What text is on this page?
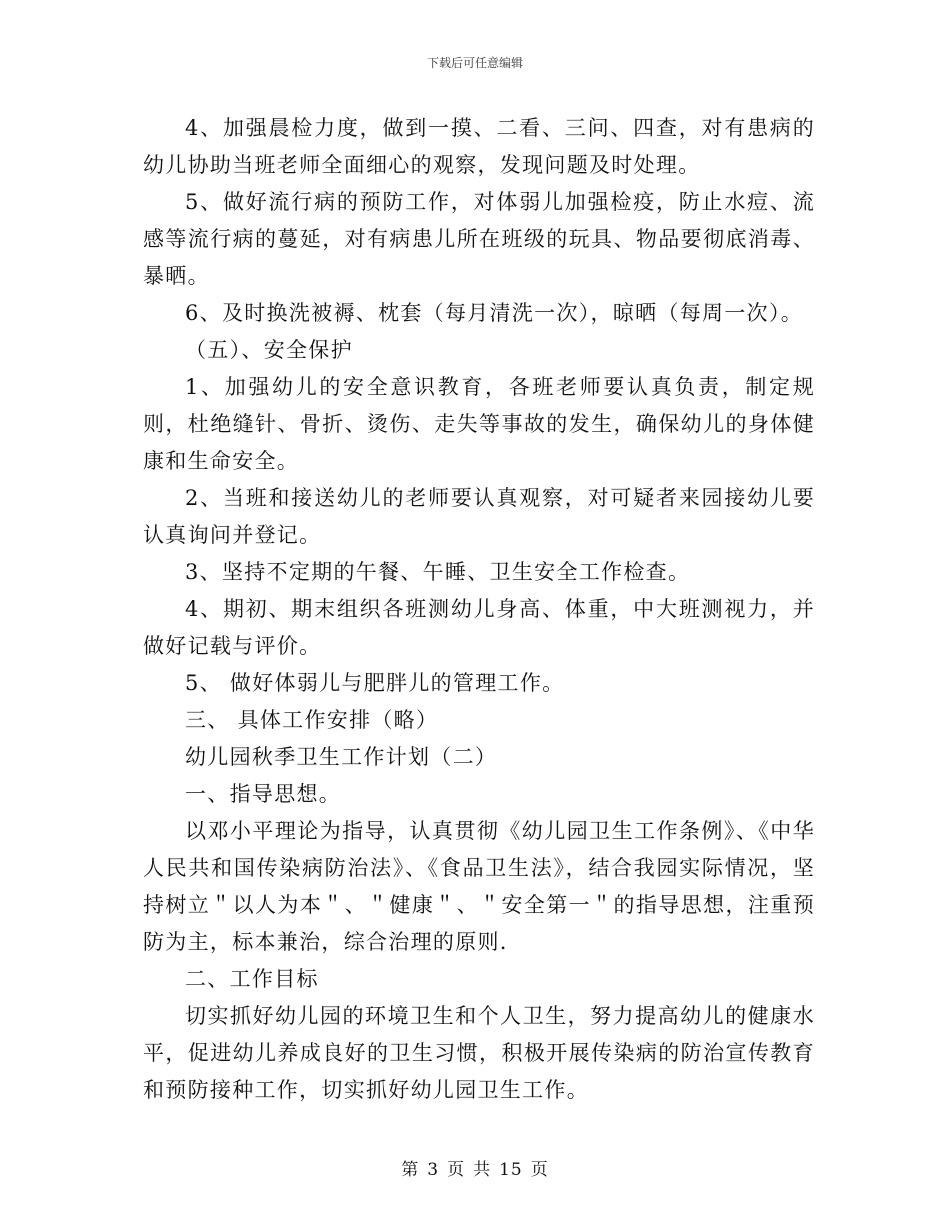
下载后可任意编辑

4、加强晨检力度，做到一摸、二看、三问、四查，对有患病的幼儿协助当班老师全面细心的观察，发现问题及时处理。

5、做好流行病的预防工作，对体弱儿加强检疫，防止水痘、流感等流行病的蔓延，对有病患儿所在班级的玩具、物品要彻底消毒、暴晒。

6、及时换洗被褥、枕套（每月清洗一次），晾晒（每周一次）。

（五）、安全保护

1、加强幼儿的安全意识教育，各班老师要认真负责，制定规则，杜绝缝针、骨折、烫伤、走失等事故的发生，确保幼儿的身体健康和生命安全。

2、当班和接送幼儿的老师要认真观察，对可疑者来园接幼儿要认真询问并登记。

3、坚持不定期的午餐、午睡、卫生安全工作检查。

4、期初、期末组织各班测幼儿身高、体重，中大班测视力，并做好记载与评价。

5、 做好体弱儿与肥胖儿的管理工作。

三、 具体工作安排（略）

幼儿园秋季卫生工作计划（二）

一、指导思想。

以邓小平理论为指导，认真贯彻《幼儿园卫生工作条例》、《中华人民共和国传染病防治法》、《食品卫生法》，结合我园实际情况，坚持树立＂以人为本＂、＂健康＂、＂安全第一＂的指导思想，注重预防为主，标本兼治，综合治理的原则.

二、工作目标

切实抓好幼儿园的环境卫生和个人卫生，努力提高幼儿的健康水平，促进幼儿养成良好的卫生习惯，积极开展传染病的防治宣传教育和预防接种工作，切实抓好幼儿园卫生工作。

第 3 页 共 15 页
